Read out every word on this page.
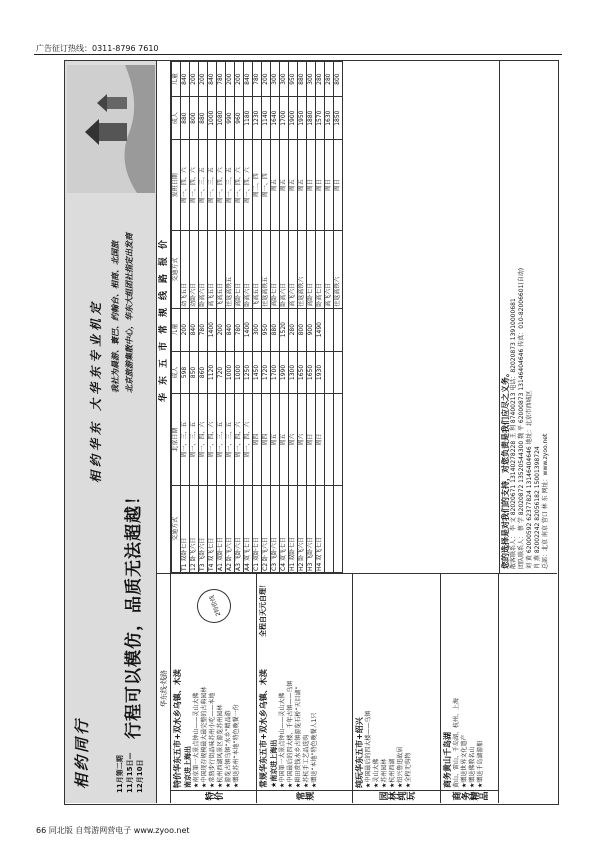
广告征订热线：0311-8796 7610
相约同行
相约华东 大华东专业机定
11月第二期 11月15日—12月10日
行程可以模仿，品质无法超越！
我社为晨游、寰巴、约翰台、相商、北国旅 北京旅游集散中心，华东大组团社指定出发商
华东线·线路
特价
特价华东五市+双水乡乌镇、木渎 南京进上海出 ★南京第一大景点钟山——灵山大佛 ★中国现存规模最大最完整的古典园林 ★常熟步行街品味苏州小吃——本地 ★杭州西湖风景区游览苏州园林 ★游览古镇乌镇“水乡”精品游 ★赠送苏州“本地”特色晚餐一份
2特价线
常规
常规华东五市+双水乡乌镇、木渎 ★南京进上海出 ★中国第一大景点钟山——灵山大佛 ★中国最后的四大楼，千年古镇——乌镇 ★耕田赏钱水乡古镇游览石桥“天目湖” ★苏杭手工艺品选购 ★赠送“本地”特色晚餐人1只
全程自天元自理！
园林纯玩
纯玩华东五市+绍兴 ★中国最后的四大楼——乌镇 ★灵山大佛 ★苏州园林 ★杭州西湖 ★绍兴鲁迅故居 ★全程无购物
商务精品
商务黄山千岛湖 黄山、雷山、千岛湖、杭州、上海 ★赠送世界文化遗产 ★赠送佛教名山 ★赠送千岛湖游船
华东五市常规线路报价
交通方式	北京日期	成人	儿童	交通方式	发班日期	成人	儿童
T1 双卧七日	周一、三、五	598	200	动飞五日	周一、四、六	880	840
12 卧飞六日	周一、三、五	850	840	动卧六日	周一、四、六	800	200
T3 飞卧六日	周一、四、六	860	780	卧高六日	周一、三、五	880	200
T4 双飞七日	周一、四、六	1120	1400	高飞五日	周一、三、五	1000	840
A1 双卧七日	周一、三、五	720	200	飞高五日	周一、四、六	1080	780
A2 卧飞六日	周一、三、五	1000	840	往返高铁五	周一、三、五	990	200
A3 飞卧六日	周一、四、六	1000	780	高卧七日	周一、四、六	960	200
A4 双飞七日	周一、四、六	1250	1400	卧高六日	周一、四、六	1180	840
C1 双卧七日	周四	1450	300	飞高五日	周二、四	1230	780
C2 卧飞六日	周四	1720	950	往返高铁五	周一、四	1140	200
C3 飞卧六日	周五	1700	880	高卧七日	周五	1640	300
C4 双飞七日	周五	1990	1520	卧高六日	周五	1700	300
H1 双卧七日	周六	1300	280	高飞六日	周五	1900	950
H2 卧飞六日	周六	1650	800	往返高铁六	周五	1950	880
H3 飞卧六日	周日	1650	900	高卧七日	周日	1880	300
H4 双飞七日	周日	1930	1490	卧高七日	周日	1570	280
				高飞六日	周日	1630	280
				往返高铁六	周日	1850	800
您的选择是对我们的支持，对您负责是我们应尽之义务。 散客联系人： 李 文 82020671 13140278228 王 利 87400213 电话：82020873 13910000681 团队联系人： 蔡 学 82020872 13520544300 魏 平 62000873 13146404646 传真：010-82006601(自动) 刘 黄 62000592 62377824 13146404646 地址：北京市西城区 肖 燕 82002242 82056182 15001398724 总部：北京 南京 营口 林 东 网址：www.zyoo.net
66 同北版 自驾游网营电子 www.zyoo.net
